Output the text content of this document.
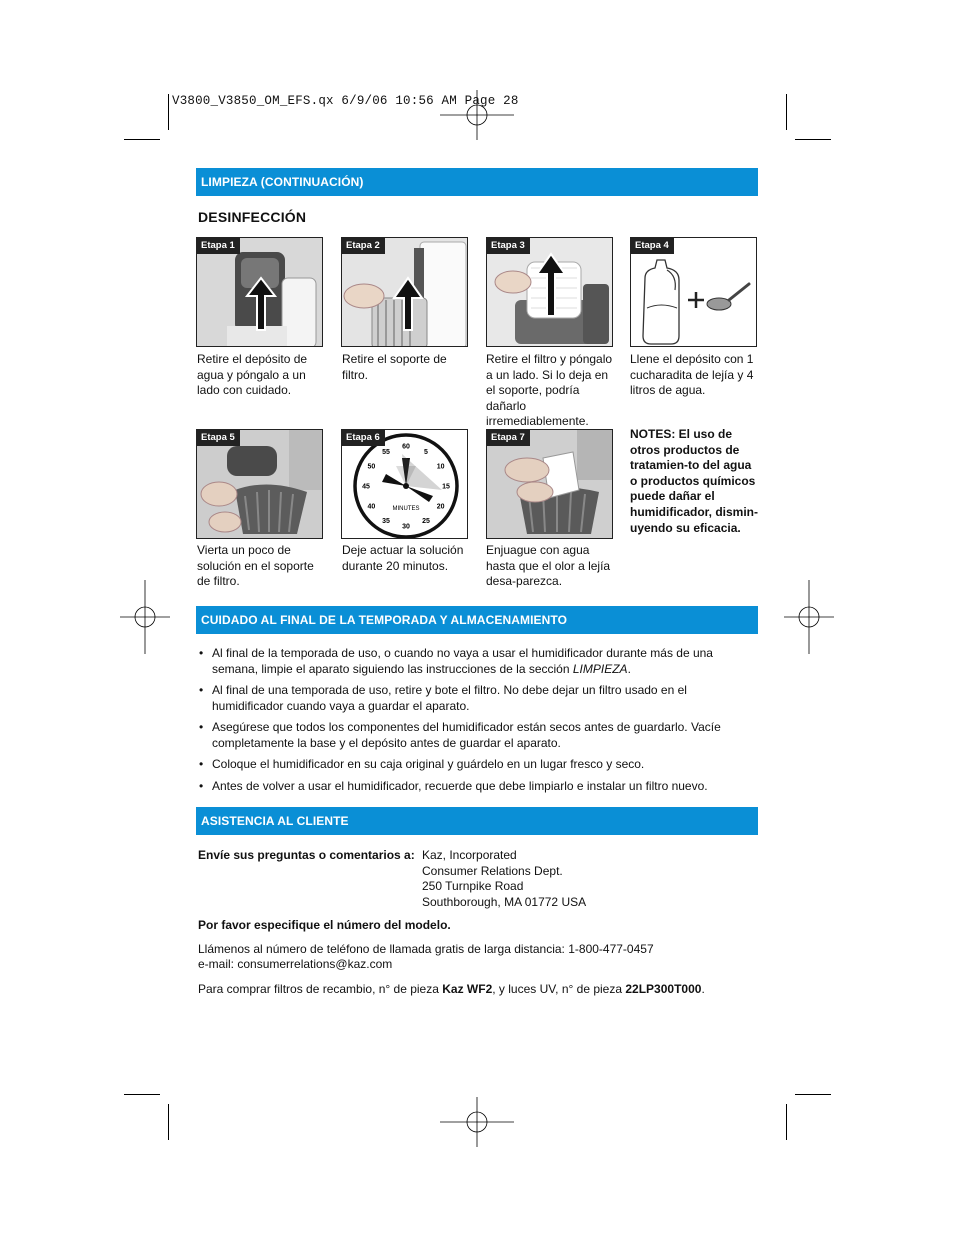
V3800_V3850_OM_EFS.qx 6/9/06 10:56 AM Page 28
LIMPIEZA (CONTINUACIÓN)
DESINFECCIÓN
Etapa 1
Retire el depósito de agua y póngalo a un lado con cuidado.
Etapa 2
Retire el soporte de filtro.
Etapa 3
Retire el filtro y póngalo a un lado. Si lo deja en el soporte, podría dañarlo irremediablemente.
Etapa 4
Llene el depósito con 1 cucharadita de lejía y 4 litros de agua.
Etapa 5
Vierta un poco de solución en el soporte de filtro.
Etapa 6
60
5
10
15
20
25
30
35
40
45
50
55
MINUTES
Deje actuar la solución durante 20 minutos.
Etapa 7
Enjuague con agua hasta que el olor a lejía desa-parezca.
NOTES: El uso de otros productos de tratamien-to del agua o productos químicos puede dañar el humidificador, dismin-uyendo su eficacia.
CUIDADO AL FINAL DE LA TEMPORADA Y ALMACENAMIENTO
• Al final de la temporada de uso, o cuando no vaya a usar el humidificador durante más de una semana, limpie el aparato siguiendo las instrucciones de la sección LIMPIEZA.
• Al final de una temporada de uso, retire y bote el filtro. No debe dejar un filtro usado en el humidificador cuando vaya a guardar el aparato.
• Asegúrese que todos los componentes del humidificador están secos antes de guardarlo. Vacíe completamente la base y el depósito antes de guardar el aparato.
• Coloque el humidificador en su caja original y guárdelo en un lugar fresco y seco.
• Antes de volver a usar el humidificador, recuerde que debe limpiarlo e instalar un filtro nuevo.
ASISTENCIA AL CLIENTE
Envíe sus preguntas o comentarios a: Kaz, Incorporated
Consumer Relations Dept.
250 Turnpike Road
Southborough, MA 01772 USA
Por favor especifique el número del modelo.
Llámenos al número de teléfono de llamada gratis de larga distancia: 1-800-477-0457
e-mail: consumerrelations@kaz.com
Para comprar filtros de recambio, n° de pieza Kaz WF2, y luces UV, n° de pieza 22LP300T000.
